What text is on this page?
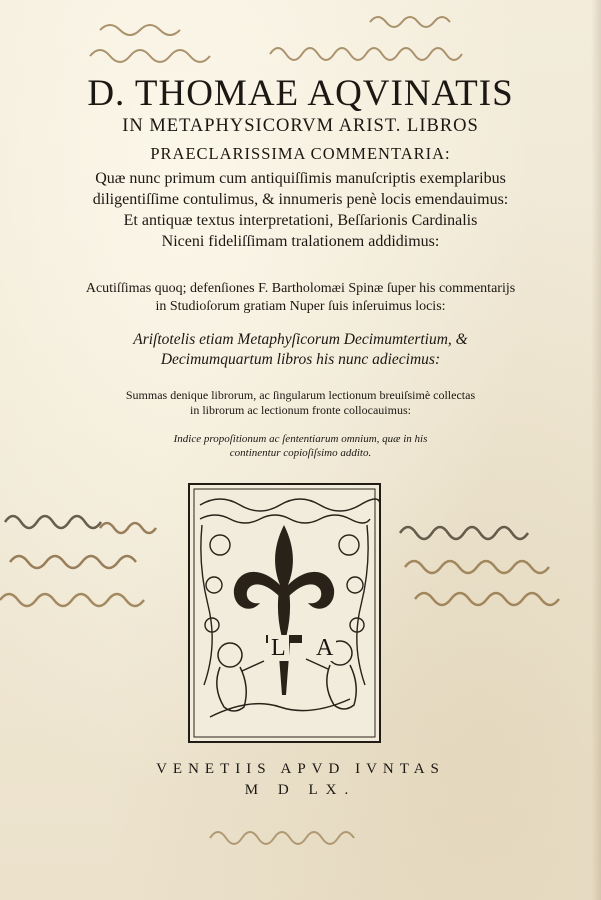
D. THOMAE AQVINATIS
IN METAPHYSICORVM ARIST. LIBROS
PRAECLARISSIMA COMMENTARIA:
Quæ nunc primum cum antiquiſſimis manuſcriptis exemplaribus
diligentiſſime contulimus, & innumeris penè locis emendauimus:
Et antiquæ textus interpretationi, Beſſarionis Cardinalis
Niceni fideliſſimam tralationem addidimus:
Acutiſſimas quoq; defenſiones F. Bartholomæi Spinæ ſuper his commentarijs
in Studioſorum gratiam Nuper ſuis inſeruimus locis:
Ariſtotelis etiam Metaphyſicorum Decimumtertium, &
Decimumquartum libros his nunc adiecimus:
Summas denique librorum, ac ſingularum lectionum breuiſsimè collectas
in librorum ac lectionum fronte collocauimus:
Indice propoſitionum ac ſententiarum omnium, quæ in his
continentur copioſiſsimo addito.
L A
VENETIIS APVD IVNTAS
M D LX.
